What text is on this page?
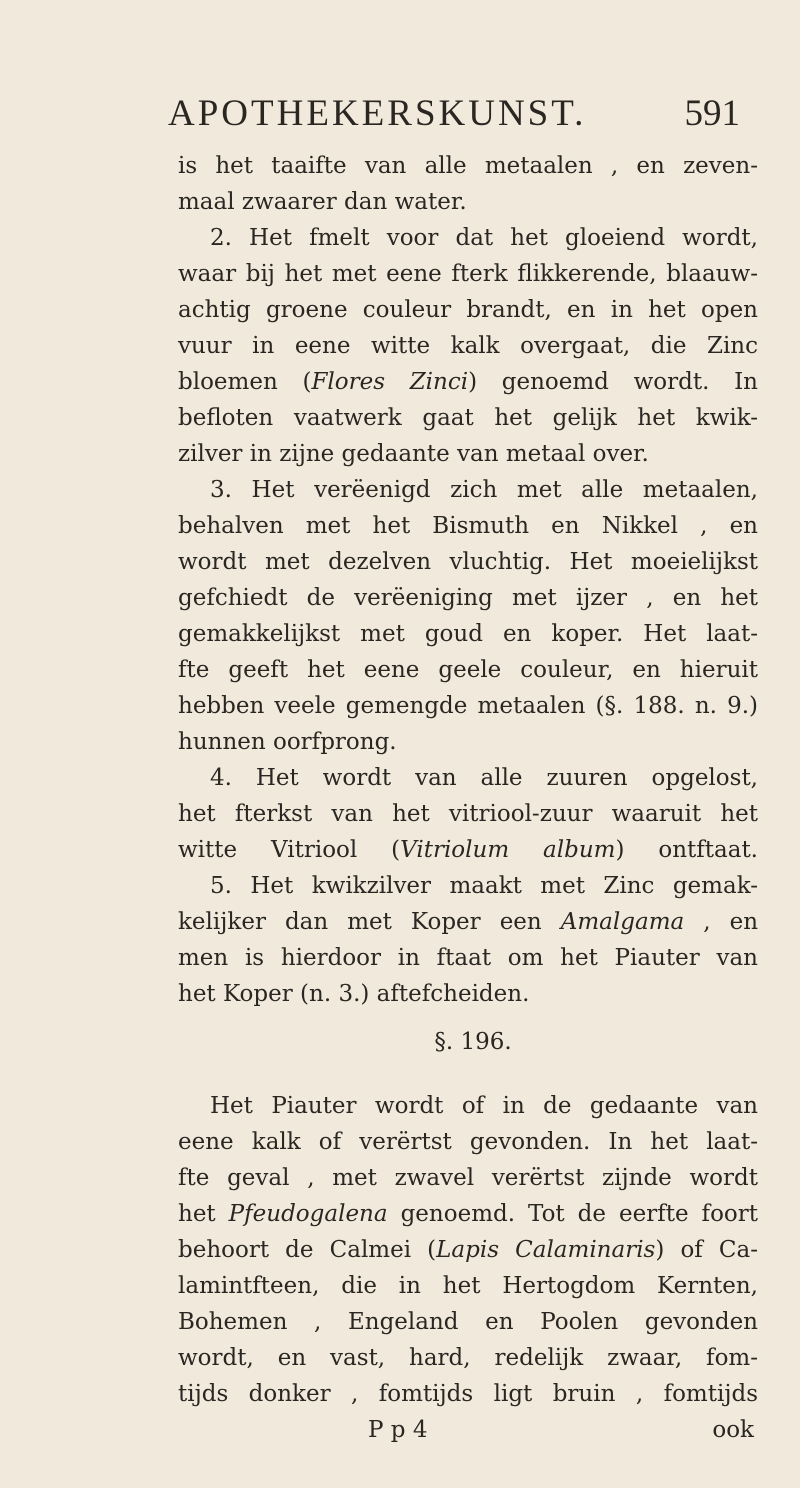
APOTHEKERSKUNST.	591
is het taaifte van alle metaalen , en zeven-
maal zwaarer dan water.
2. Het fmelt voor dat het gloeiend wordt,
waar bij het met eene fterk flikkerende, blaauw-
achtig groene couleur brandt, en in het open
vuur in eene witte kalk overgaat, die Zinc
bloemen (Flores Zinci) genoemd wordt. In
befloten vaatwerk gaat het gelijk het kwik-
zilver in zijne gedaante van metaal over.
3. Het verëenigd zich met alle metaalen,
behalven met het Bismuth en Nikkel , en
wordt met dezelven vluchtig. Het moeielijkst
gefchiedt de verëeniging met ijzer , en het
gemakkelijkst met goud en koper. Het laat-
fte geeft het eene geele couleur, en hieruit
hebben veele gemengde metaalen (§. 188. n. 9.)
hunnen oorfprong.
4. Het wordt van alle zuuren opgelost,
het fterkst van het vitriool-zuur waaruit het
witte Vitriool (Vitriolum album) ontftaat.
5. Het kwikzilver maakt met Zinc gemak-
kelijker dan met Koper een Amalgama , en
men is hierdoor in ftaat om het Piauter van
het Koper (n. 3.) aftefcheiden.
§. 196.
Het Piauter wordt of in de gedaante van
eene kalk of verërtst gevonden. In het laat-
fte geval , met zwavel verërtst zijnde wordt
het Pfeudogalena genoemd. Tot de eerfte foort
behoort de Calmei (Lapis Calaminaris) of Ca-
lamintfteen, die in het Hertogdom Kernten,
Bohemen , Engeland en Poolen gevonden
wordt, en vast, hard, redelijk zwaar, fom-
tijds donker , fomtijds ligt bruin , fomtijds
P p 4	ook
